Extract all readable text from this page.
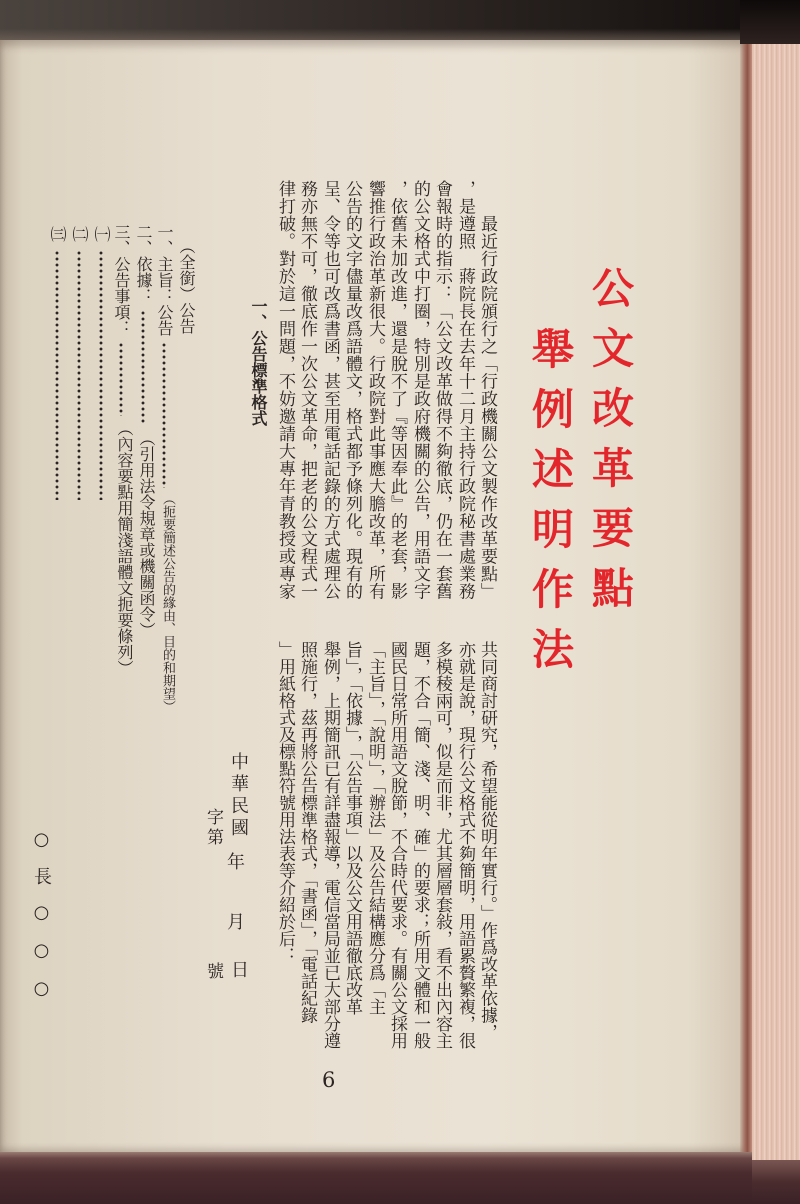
公文改革要點
舉例述明作法
最近行政院頒行之「行政機關公文製作改革要點」
，是遵照　蔣院長在去年十二月主持行政院秘書處業務
會報時的指示：「公文改革做得不夠徹底，仍在一套舊
的公文格式中打圈，特別是政府機關的公告，用語文字
，依舊未加改進，還是脫不了『等因奉此』的老套，影
響推行政治革新很大。行政院對此事應大膽改革，所有
公告的文字儘量改爲語體文，格式都予條列化。現有的
呈、令等也可改爲書函，甚至用電話記錄的方式處理公
務亦無不可，徹底作一次公文革命，把老的公文程式一
律打破。對於這一問題，不妨邀請大專年青教授或專家
共同商討研究，希望能從明年實行。」作爲改革依據，
亦就是說，現行公文格式不夠簡明，用語累贅繁複，很
多模稜兩可，似是而非，尤其層層套敍，看不出內容主
題，不合「簡、淺、明、確」的要求；所用文體和一般
國民日常所用語文脫節，不合時代要求。有關公文採用
「主旨」，「說明」，「辦法」及公告結構應分爲「主
旨」，「依據」，「公告事項」以及公文用語徹底改革
舉例，上期簡訊已有詳盡報導，電信當局並已大部分遵
照施行，茲再將公告標準格式，「書函」，「電話紀錄
」用紙格式及標點符號用法表等介紹於后：
一、公告標準格式
中華民國
年
月
日
字第
號
（全銜）公告
一、主旨：公告
（扼要簡述公告的緣由、目的和期望）
二、依據：
（引用法令規章或機關函令）
三、公告事項：
（內容要點用簡淺語體文扼要條列）
㈠
㈡
㈢
○長○○○
6
